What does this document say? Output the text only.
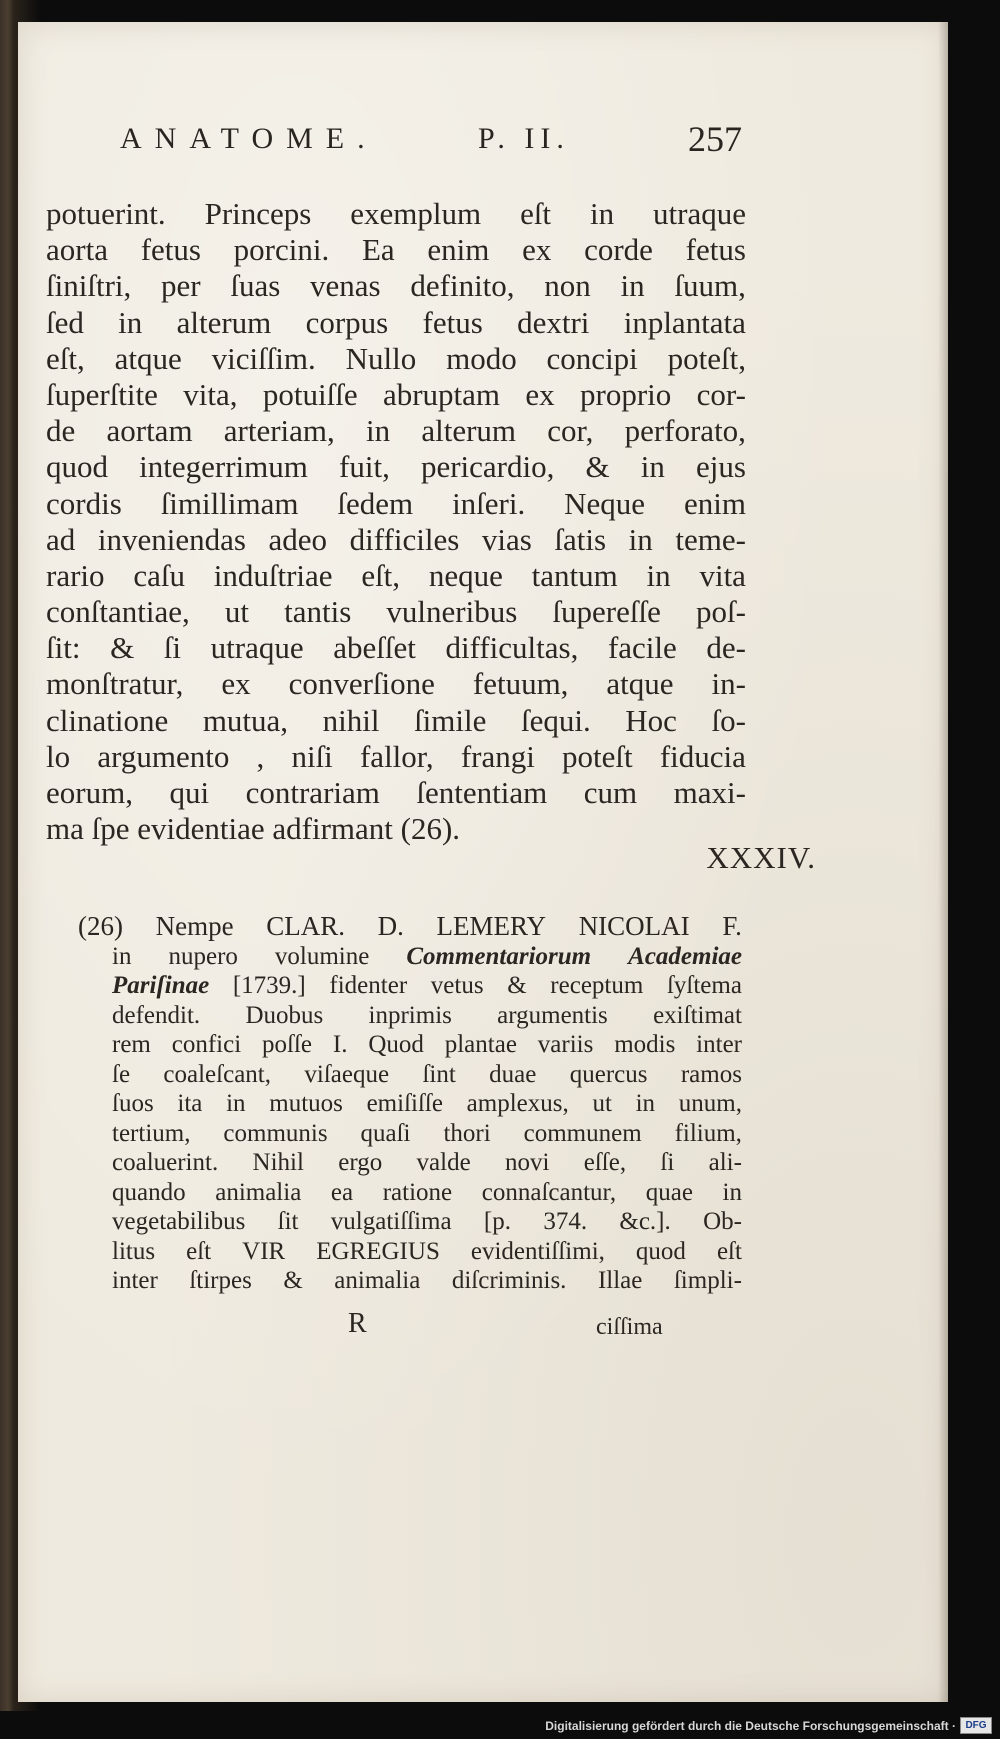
ANATOME.	P. II.	257
potuerint. Princeps exemplum eſt in utraque
aorta fetus porcini. Ea enim ex corde fetus
ſiniſtri, per ſuas venas definito, non in ſuum,
ſed in alterum corpus fetus dextri inplantata
eſt, atque viciſſim. Nullo modo concipi poteſt,
ſuperſtite vita, potuiſſe abruptam ex proprio cor-
de aortam arteriam, in alterum cor, perforato,
quod integerrimum fuit, pericardio, & in ejus
cordis ſimillimam ſedem inſeri. Neque enim
ad inveniendas adeo difficiles vias ſatis in teme-
rario caſu induſtriae eſt, neque tantum in vita
conſtantiae, ut tantis vulneribus ſupereſſe poſ-
ſit: & ſi utraque abeſſet difficultas, facile de-
monſtratur, ex converſione fetuum, atque in-
clinatione mutua, nihil ſimile ſequi. Hoc ſo-
lo argumento , niſi fallor, frangi poteſt fiducia
eorum, qui contrariam ſententiam cum maxi-
ma ſpe evidentiae adfirmant (26).
XXXIV.
(26) Nempe CLAR. D. LEMERY NICOLAI F.
in nupero volumine Commentariorum Academiae
Pariſinae [1739.] fidenter vetus & receptum ſyſtema
defendit. Duobus inprimis argumentis exiſtimat
rem confici poſſe I. Quod plantae variis modis inter
ſe coaleſcant, viſaeque ſint duae quercus ramos
ſuos ita in mutuos emiſiſſe amplexus, ut in unum,
tertium, communis quaſi thori communem filium,
coaluerint. Nihil ergo valde novi eſſe, ſi ali-
quando animalia ea ratione connaſcantur, quae in
vegetabilibus ſit vulgatiſſima [p. 374. &c.]. Ob-
litus eſt VIR EGREGIUS evidentiſſimi, quod eſt
inter ſtirpes & animalia diſcriminis. Illae ſimpli-
R	ciſſima
Digitalisierung gefördert durch die Deutsche Forschungsgemeinschaft · DFG
